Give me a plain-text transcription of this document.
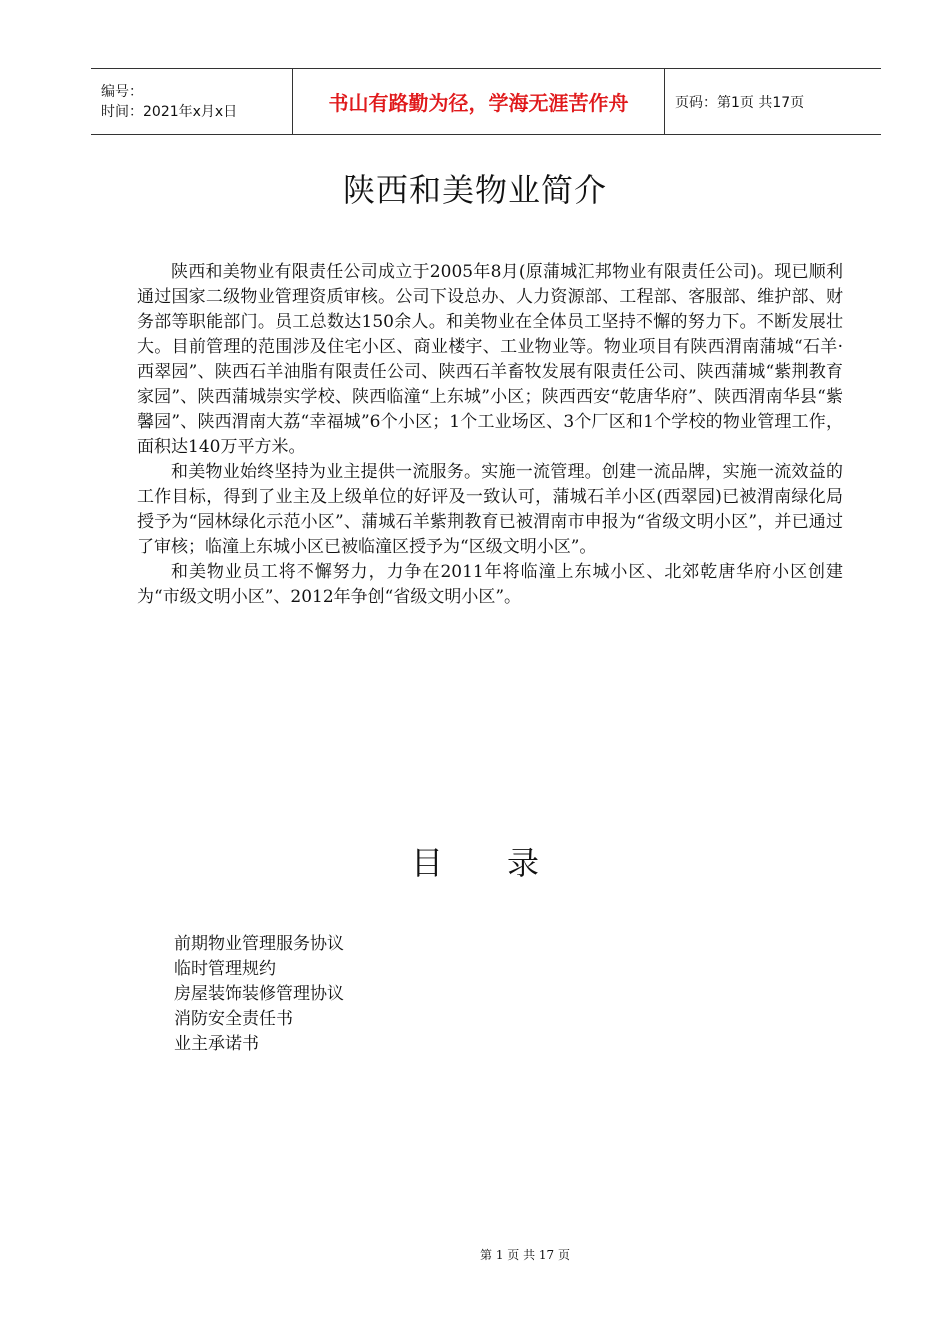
编号：
时间：2021年x月x日	书山有路勤为径，学海无涯苦作舟	页码：第1页 共17页
陕西和美物业简介

陕西和美物业有限责任公司成立于2005年8月(原蒲城汇邦物业有限责任公司)。现已顺利通过国家二级物业管理资质审核。公司下设总办、人力资源部、工程部、客服部、维护部、财务部等职能部门。员工总数达150余人。和美物业在全体员工坚持不懈的努力下。不断发展壮大。目前管理的范围涉及住宅小区、商业楼宇、工业物业等。物业项目有陕西渭南蒲城“石羊·西翠园”、陕西石羊油脂有限责任公司、陕西石羊畜牧发展有限责任公司、陕西蒲城“紫荆教育家园”、陕西蒲城崇实学校、陕西临潼“上东城”小区；陕西西安“乾唐华府”、陕西渭南华县“紫馨园”、陕西渭南大荔“幸福城”6个小区；1个工业场区、3个厂区和1个学校的物业管理工作，面积达140万平方米。

和美物业始终坚持为业主提供一流服务。实施一流管理。创建一流品牌，实施一流效益的工作目标，得到了业主及上级单位的好评及一致认可，蒲城石羊小区(西翠园)已被渭南绿化局授予为“园林绿化示范小区”、蒲城石羊紫荆教育已被渭南市申报为“省级文明小区”，并已通过了审核；临潼上东城小区已被临潼区授予为“区级文明小区”。

和美物业员工将不懈努力，力争在2011年将临潼上东城小区、北郊乾唐华府小区创建为“市级文明小区”、2012年争创“省级文明小区”。

目 录
前期物业管理服务协议
临时管理规约
房屋装饰装修管理协议
消防安全责任书
业主承诺书
第 1 页 共 17 页
